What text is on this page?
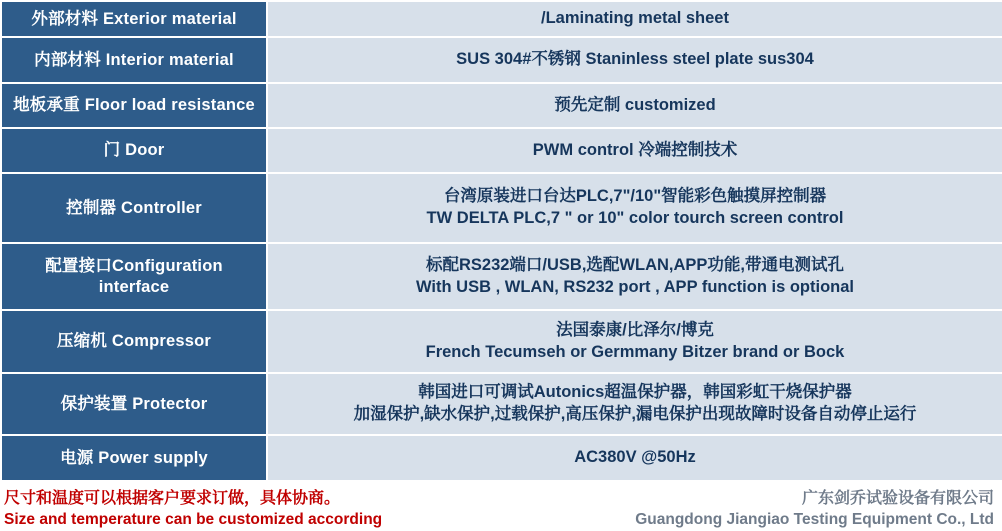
外部材料 Exterior material	/Laminating metal sheet

内部材料 Interior material	SUS 304#不锈钢 Staninless steel plate sus304

地板承重 Floor load resistance	预先定制 customized

门 Door	PWM control 冷端控制技术

控制器 Controller	台湾原装进口台达PLC,7"/10"智能彩色触摸屏控制器
TW DELTA PLC,7 " or 10" color tourch screen control

配置接口Configuration interface	标配RS232端口/USB,选配WLAN,APP功能,带通电测试孔
With USB , WLAN, RS232 port , APP function is optional

压缩机 Compressor	法国泰康/比泽尔/博克
French Tecumseh or Germmany Bitzer brand or Bock

保护装置 Protector	韩国进口可调试Autonics超温保护器，韩国彩虹干烧保护器
加湿保护,缺水保护,过载保护,高压保护,漏电保护出现故障时设备自动停止运行

电源 Power supply	AC380V @50Hz
尺寸和温度可以根据客户要求订做，具体协商。
Size and temperature can be customized according
广东剑乔试验设备有限公司
Guangdong Jiangiao Testing Equipment Co., Ltd
